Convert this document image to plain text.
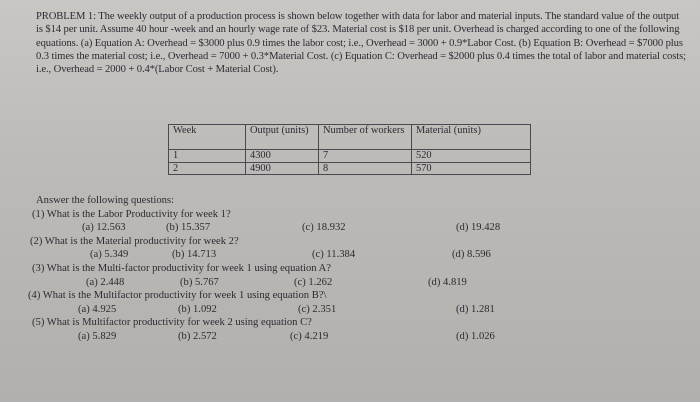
PROBLEM 1: The weekly output of a production process is shown below together with data for labor and material inputs. The standard value of the output is $14 per unit. Assume 40 hour -week and an hourly wage rate of $23. Material cost is $18 per unit. Overhead is charged according to one of the following equations. (a) Equation A: Overhead = $3000 plus 0.9 times the labor cost; i.e., Overhead = 3000 + 0.9*Labor Cost. (b) Equation B: Overhead = $7000 plus 0.3 times the material cost; i.e., Overhead = 7000 + 0.3*Material Cost. (c) Equation C: Overhead = $2000 plus 0.4 times the total of labor and material costs; i.e., Overhead = 2000 + 0.4*(Labor Cost + Material Cost).

Week	Output (units)	Number of workers	Material (units)
1	4300	7	520
2	4900	8	570

Answer the following questions:

(1) What is the Labor Productivity for week 1?

(a) 12.563	(b) 15.357	(c) 18.932	(d) 19.428

(2) What is the Material productivity for week 2?

(a) 5.349	(b) 14.713	(c) 11.384	(d) 8.596

(3) What is the Multi-factor productivity for week 1 using equation A?

(a) 2.448	(b) 5.767	(c) 1.262	(d) 4.819

(4) What is the Multifactor productivity for week 1 using equation B?\

(a) 4.925	(b) 1.092	(c) 2.351	(d) 1.281

(5) What is Multifactor productivity for week 2 using equation C?

(a) 5.829	(b) 2.572	(c) 4.219	(d) 1.026
